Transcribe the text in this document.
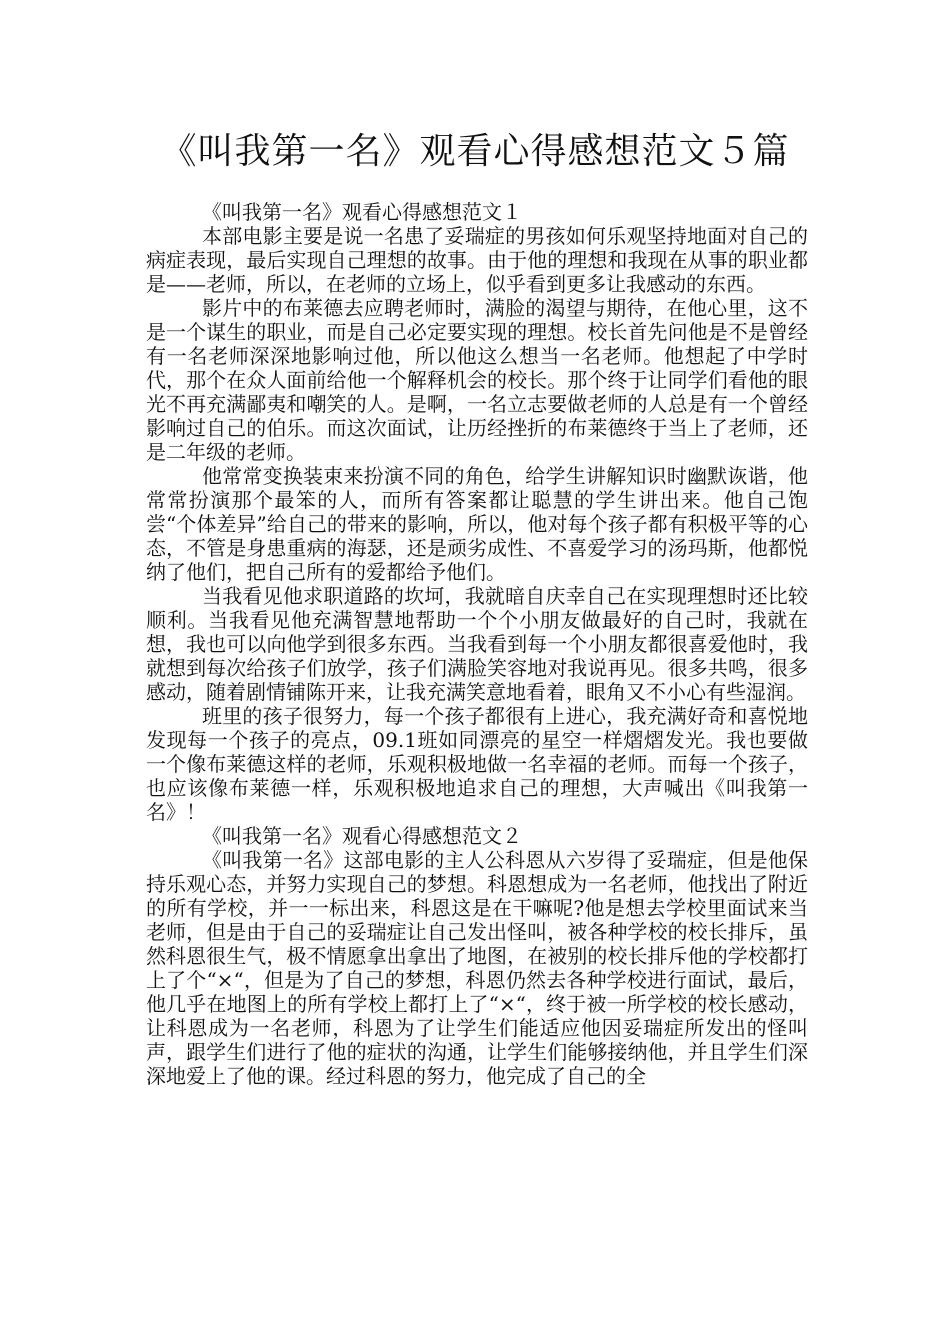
《叫我第一名》观看心得感想范文５篇

《叫我第一名》观看心得感想范文１

本部电影主要是说一名患了妥瑞症的男孩如何乐观坚持地面对自己的病症表现，最后实现自己理想的故事。由于他的理想和我现在从事的职业都是——老师，所以，在老师的立场上，似乎看到更多让我感动的东西。

影片中的布莱德去应聘老师时，满脸的渴望与期待，在他心里，这不是一个谋生的职业，而是自己必定要实现的理想。校长首先问他是不是曾经有一名老师深深地影响过他，所以他这么想当一名老师。他想起了中学时代，那个在众人面前给他一个解释机会的校长。那个终于让同学们看他的眼光不再充满鄙夷和嘲笑的人。是啊，一名立志要做老师的人总是有一个曾经影响过自己的伯乐。而这次面试，让历经挫折的布莱德终于当上了老师，还是二年级的老师。

他常常变换装束来扮演不同的角色，给学生讲解知识时幽默诙谐，他常常扮演那个最笨的人，而所有答案都让聪慧的学生讲出来。他自己饱尝“个体差异”给自己的带来的影响，所以，他对每个孩子都有积极平等的心态，不管是身患重病的海瑟，还是顽劣成性、不喜爱学习的汤玛斯，他都悦纳了他们，把自己所有的爱都给予他们。

当我看见他求职道路的坎坷，我就暗自庆幸自己在实现理想时还比较顺利。当我看见他充满智慧地帮助一个个小朋友做最好的自己时，我就在想，我也可以向他学到很多东西。当我看到每一个小朋友都很喜爱他时，我就想到每次给孩子们放学，孩子们满脸笑容地对我说再见。很多共鸣，很多感动，随着剧情铺陈开来，让我充满笑意地看着，眼角又不小心有些湿润。

班里的孩子很努力，每一个孩子都很有上进心，我充满好奇和喜悦地发现每一个孩子的亮点，09.1班如同漂亮的星空一样熠熠发光。我也要做一个像布莱德这样的老师，乐观积极地做一名幸福的老师。而每一个孩子，也应该像布莱德一样，乐观积极地追求自己的理想，大声喊出《叫我第一名》！

《叫我第一名》观看心得感想范文２

《叫我第一名》这部电影的主人公科恩从六岁得了妥瑞症，但是他保持乐观心态，并努力实现自己的梦想。科恩想成为一名老师，他找出了附近的所有学校，并一一标出来，科恩这是在干嘛呢?他是想去学校里面试来当老师，但是由于自己的妥瑞症让自己发出怪叫，被各种学校的校长排斥，虽然科恩很生气，极不情愿拿出拿出了地图，在被别的校长排斥他的学校都打上了个“×“，但是为了自己的梦想，科恩仍然去各种学校进行面试，最后，他几乎在地图上的所有学校上都打上了“×“，终于被一所学校的校长感动，让科恩成为一名老师，科恩为了让学生们能适应他因妥瑞症所发出的怪叫声，跟学生们进行了他的症状的沟通，让学生们能够接纳他，并且学生们深深地爱上了他的课。经过科恩的努力，他完成了自己的全
